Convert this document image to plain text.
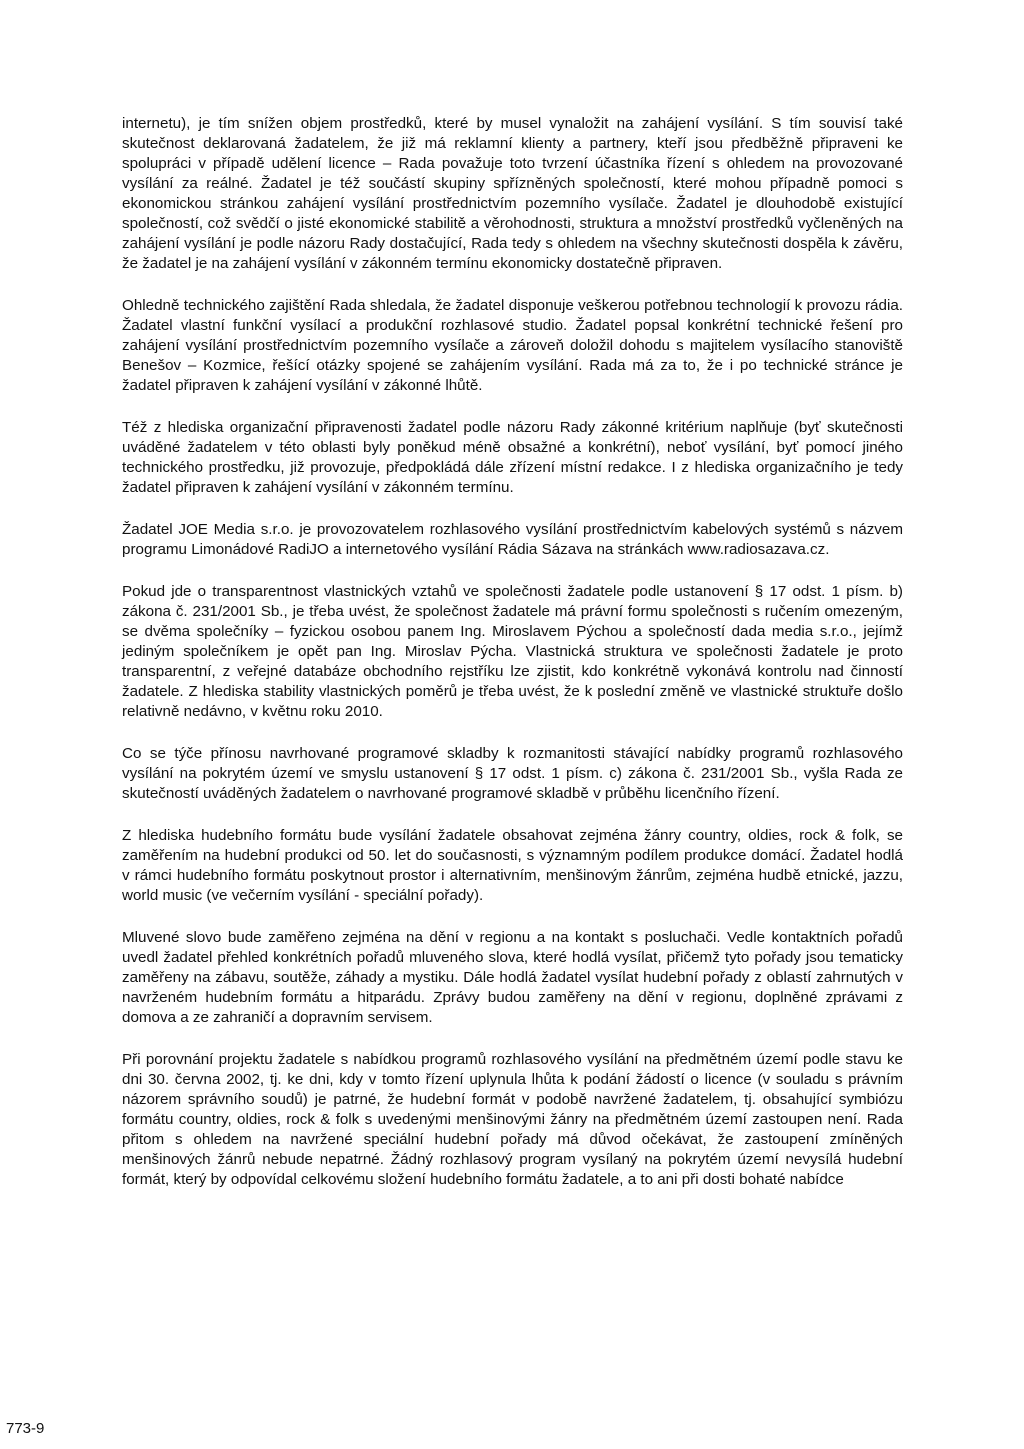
internetu), je tím snížen objem prostředků, které by musel vynaložit na zahájení vysílání. S tím souvisí také skutečnost deklarovaná žadatelem, že již má reklamní klienty a partnery, kteří jsou předběžně připraveni ke spolupráci v případě udělení licence – Rada považuje toto tvrzení účastníka řízení s ohledem na provozované vysílání za reálné. Žadatel je též součástí skupiny spřízněných společností, které mohou případně pomoci s ekonomickou stránkou zahájení vysílání prostřednictvím pozemního vysílače. Žadatel je dlouhodobě existující společností, což svědčí o jisté ekonomické stabilitě a věrohodnosti, struktura a množství prostředků vyčleněných na zahájení vysílání je podle názoru Rady dostačující, Rada tedy s ohledem na všechny skutečnosti dospěla k závěru, že žadatel je na zahájení vysílání v zákonném termínu ekonomicky dostatečně připraven.

Ohledně technického zajištění Rada shledala, že žadatel disponuje veškerou potřebnou technologií k provozu rádia. Žadatel vlastní funkční vysílací a produkční rozhlasové studio. Žadatel popsal konkrétní technické řešení pro zahájení vysílání prostřednictvím pozemního vysílače a zároveň doložil dohodu s majitelem vysílacího stanoviště Benešov – Kozmice, řešící otázky spojené se zahájením vysílání. Rada má za to, že i po technické stránce je žadatel připraven k zahájení vysílání v zákonné lhůtě.

Též z hlediska organizační připravenosti žadatel podle názoru Rady zákonné kritérium naplňuje (byť skutečnosti uváděné žadatelem v této oblasti byly poněkud méně obsažné a konkrétní), neboť vysílání, byť pomocí jiného technického prostředku, již provozuje, předpokládá dále zřízení místní redakce. I z hlediska organizačního je tedy žadatel připraven k zahájení vysílání v zákonném termínu.

Žadatel JOE Media s.r.o. je provozovatelem rozhlasového vysílání prostřednictvím kabelových systémů s názvem programu Limonádové RadiJO a internetového vysílání Rádia Sázava na stránkách www.radiosazava.cz.

Pokud jde o transparentnost vlastnických vztahů ve společnosti žadatele podle ustanovení § 17 odst. 1 písm. b) zákona č. 231/2001 Sb., je třeba uvést, že společnost žadatele má právní formu společnosti s ručením omezeným, se dvěma společníky – fyzickou osobou panem Ing. Miroslavem Pýchou a společností dada media s.r.o., jejímž jediným společníkem je opět pan Ing. Miroslav Pýcha. Vlastnická struktura ve společnosti žadatele je proto transparentní, z veřejné databáze obchodního rejstříku lze zjistit, kdo konkrétně vykonává kontrolu nad činností žadatele. Z hlediska stability vlastnických poměrů je třeba uvést, že k poslední změně ve vlastnické struktuře došlo relativně nedávno, v květnu roku 2010.

Co se týče přínosu navrhované programové skladby k rozmanitosti stávající nabídky programů rozhlasového vysílání na pokrytém území ve smyslu ustanovení § 17 odst. 1 písm. c) zákona č. 231/2001 Sb., vyšla Rada ze skutečností uváděných žadatelem o navrhované programové skladbě v průběhu licenčního řízení.

Z hlediska hudebního formátu bude vysílání žadatele obsahovat zejména žánry country, oldies, rock & folk, se zaměřením na hudební produkci od 50. let do současnosti, s významným podílem produkce domácí. Žadatel hodlá v rámci hudebního formátu poskytnout prostor i alternativním, menšinovým žánrům, zejména hudbě etnické, jazzu, world music (ve večerním vysílání - speciální pořady).

Mluvené slovo bude zaměřeno zejména na dění v regionu a na kontakt s posluchači. Vedle kontaktních pořadů uvedl žadatel přehled konkrétních pořadů mluveného slova, které hodlá vysílat, přičemž tyto pořady jsou tematicky zaměřeny na zábavu, soutěže, záhady a mystiku. Dále hodlá žadatel vysílat hudební pořady z oblastí zahrnutých v navrženém hudebním formátu a hitparádu. Zprávy budou zaměřeny na dění v regionu, doplněné zprávami z domova a ze zahraničí a dopravním servisem.

Při porovnání projektu žadatele s nabídkou programů rozhlasového vysílání na předmětném území podle stavu ke dni 30. června 2002, tj. ke dni, kdy v tomto řízení uplynula lhůta k podání žádostí o licence (v souladu s právním názorem správního soudů) je patrné, že hudební formát v podobě navržené žadatelem, tj. obsahující symbiózu formátu country, oldies, rock & folk s uvedenými menšinovými žánry na předmětném území zastoupen není. Rada přitom s ohledem na navržené speciální hudební pořady má důvod očekávat, že zastoupení zmíněných menšinových žánrů nebude nepatrné. Žádný rozhlasový program vysílaný na pokrytém území nevysílá hudební formát, který by odpovídal celkovému složení hudebního formátu žadatele, a to ani při dosti bohaté nabídce

773-9
